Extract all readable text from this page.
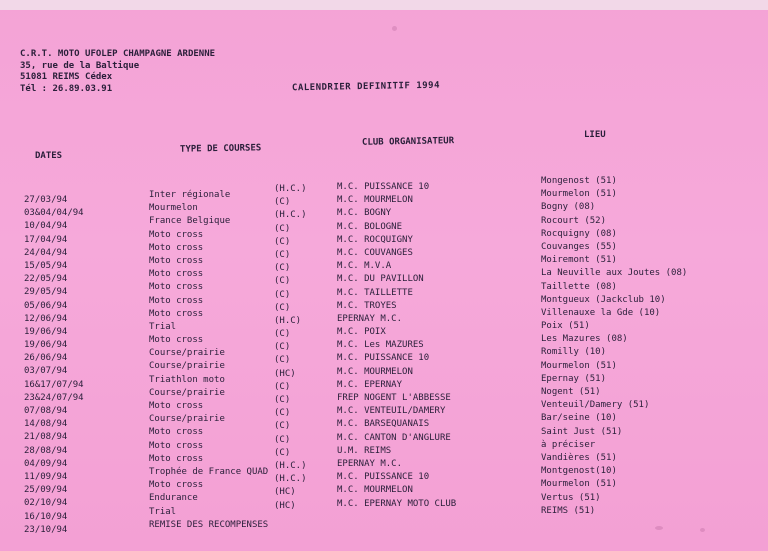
C.R.T. MOTO UFOLEP CHAMPAGNE ARDENNE
35, rue de la Baltique
51081 REIMS Cédex
Tél : 26.89.03.91	CALENDRIER DEFINITIF 1994
DATES
TYPE DE COURSES
CLUB ORGANISATEUR
LIEU
27/03/94
03&04/04/94
10/04/94
17/04/94
24/04/94
15/05/94
22/05/94
29/05/94
05/06/94
12/06/94
19/06/94
19/06/94
26/06/94
03/07/94
16&17/07/94
23&24/07/94
07/08/94
14/08/94
21/08/94
28/08/94
04/09/94
11/09/94
25/09/94
02/10/94
16/10/94
23/10/94
Inter régionale
Mourmelon
France Belgique
Moto cross
Moto cross
Moto cross
Moto cross
Moto cross
Moto cross
Moto cross
Trial
Moto cross
Course/prairie
Course/prairie
Triathlon moto
Course/prairie
Moto cross
Course/prairie
Moto cross
Moto cross
Moto cross
Trophée de France QUAD
Moto cross
Endurance
Trial
REMISE DES RECOMPENSES
(H.C.)
(C)
(H.C.)
(C)
(C)
(C)
(C)
(C)
(C)
(C)
(H.C)
(C)
(C)
(C)
(HC)
(C)
(C)
(C)
(C)
(C)
(C)
(H.C.)
(H.C.)
(HC)
(HC)
M.C. PUISSANCE 10
M.C. MOURMELON
M.C. BOGNY
M.C. BOLOGNE
M.C. ROCQUIGNY
M.C. COUVANGES
M.C. M.V.A
M.C. DU PAVILLON
M.C. TAILLETTE
M.C. TROYES
EPERNAY M.C.
M.C. POIX
M.C. Les MAZURES
M.C. PUISSANCE 10
M.C. MOURMELON
M.C. EPERNAY
FREP NOGENT L'ABBESSE
M.C. VENTEUIL/DAMERY
M.C. BARSEQUANAIS
M.C. CANTON D'ANGLURE
U.M. REIMS
EPERNAY M.C.
M.C. PUISSANCE 10
M.C. MOURMELON
M.C. EPERNAY MOTO CLUB
Mongenost (51)
Mourmelon (51)
Bogny (08)
Rocourt (52)
Rocquigny (08)
Couvanges (55)
Moiremont (51)
La Neuville aux Joutes (08)
Taillette (08)
Montgueux (Jackclub 10)
Villenauxe la Gde (10)
Poix (51)
Les Mazures (08)
Romilly (10)
Mourmelon (51)
Epernay (51)
Nogent (51)
Venteuil/Damery (51)
Bar/seine (10)
Saint Just (51)
à préciser
Vandières (51)
Montgenost(10)
Mourmelon (51)
Vertus (51)
REIMS (51)
